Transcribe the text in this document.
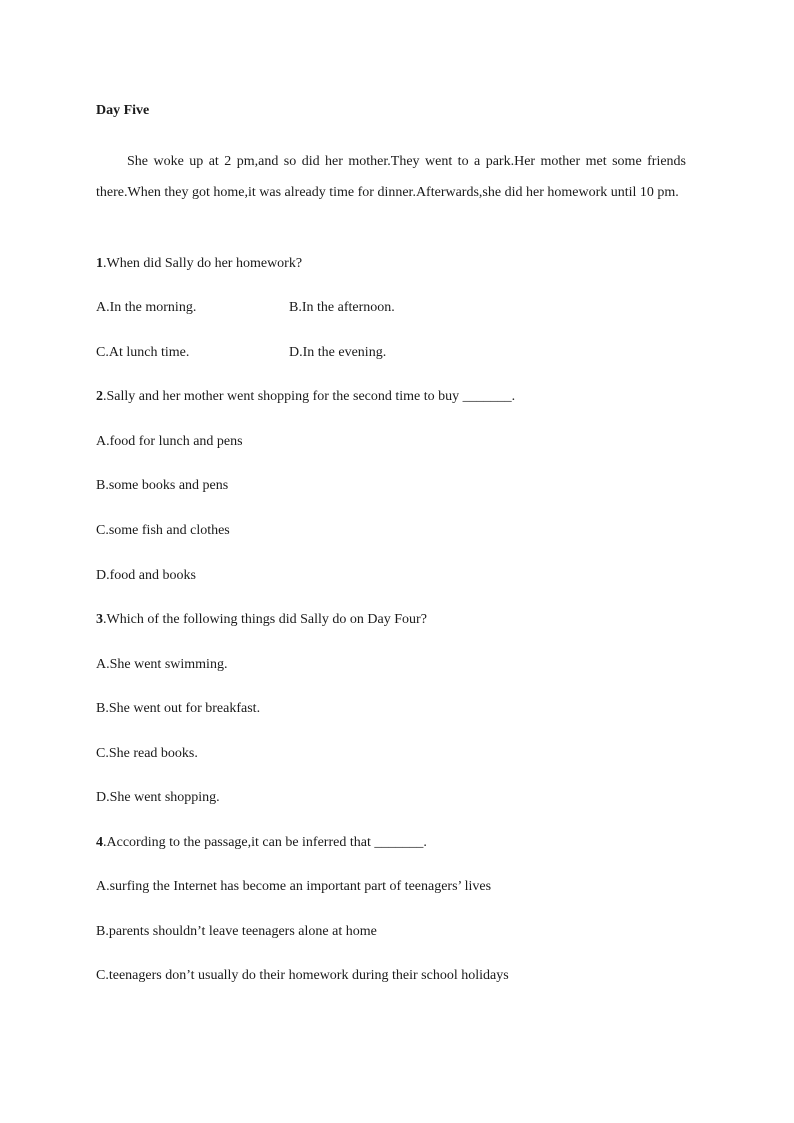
Day Five
She woke up at 2 pm,and so did her mother.They went to a park.Her mother met some friends there.When they got home,it was already time for dinner.Afterwards,she did her homework until 10 pm.
1.When did Sally do her homework?
A.In the morning.	B.In the afternoon.
C.At lunch time.	D.In the evening.
2.Sally and her mother went shopping for the second time to buy _______.
A.food for lunch and pens
B.some books and pens
C.some fish and clothes
D.food and books
3.Which of the following things did Sally do on Day Four?
A.She went swimming.
B.She went out for breakfast.
C.She read books.
D.She went shopping.
4.According to the passage,it can be inferred that _______.
A.surfing the Internet has become an important part of teenagers’ lives
B.parents shouldn’t leave teenagers alone at home
C.teenagers don’t usually do their homework during their school holidays
